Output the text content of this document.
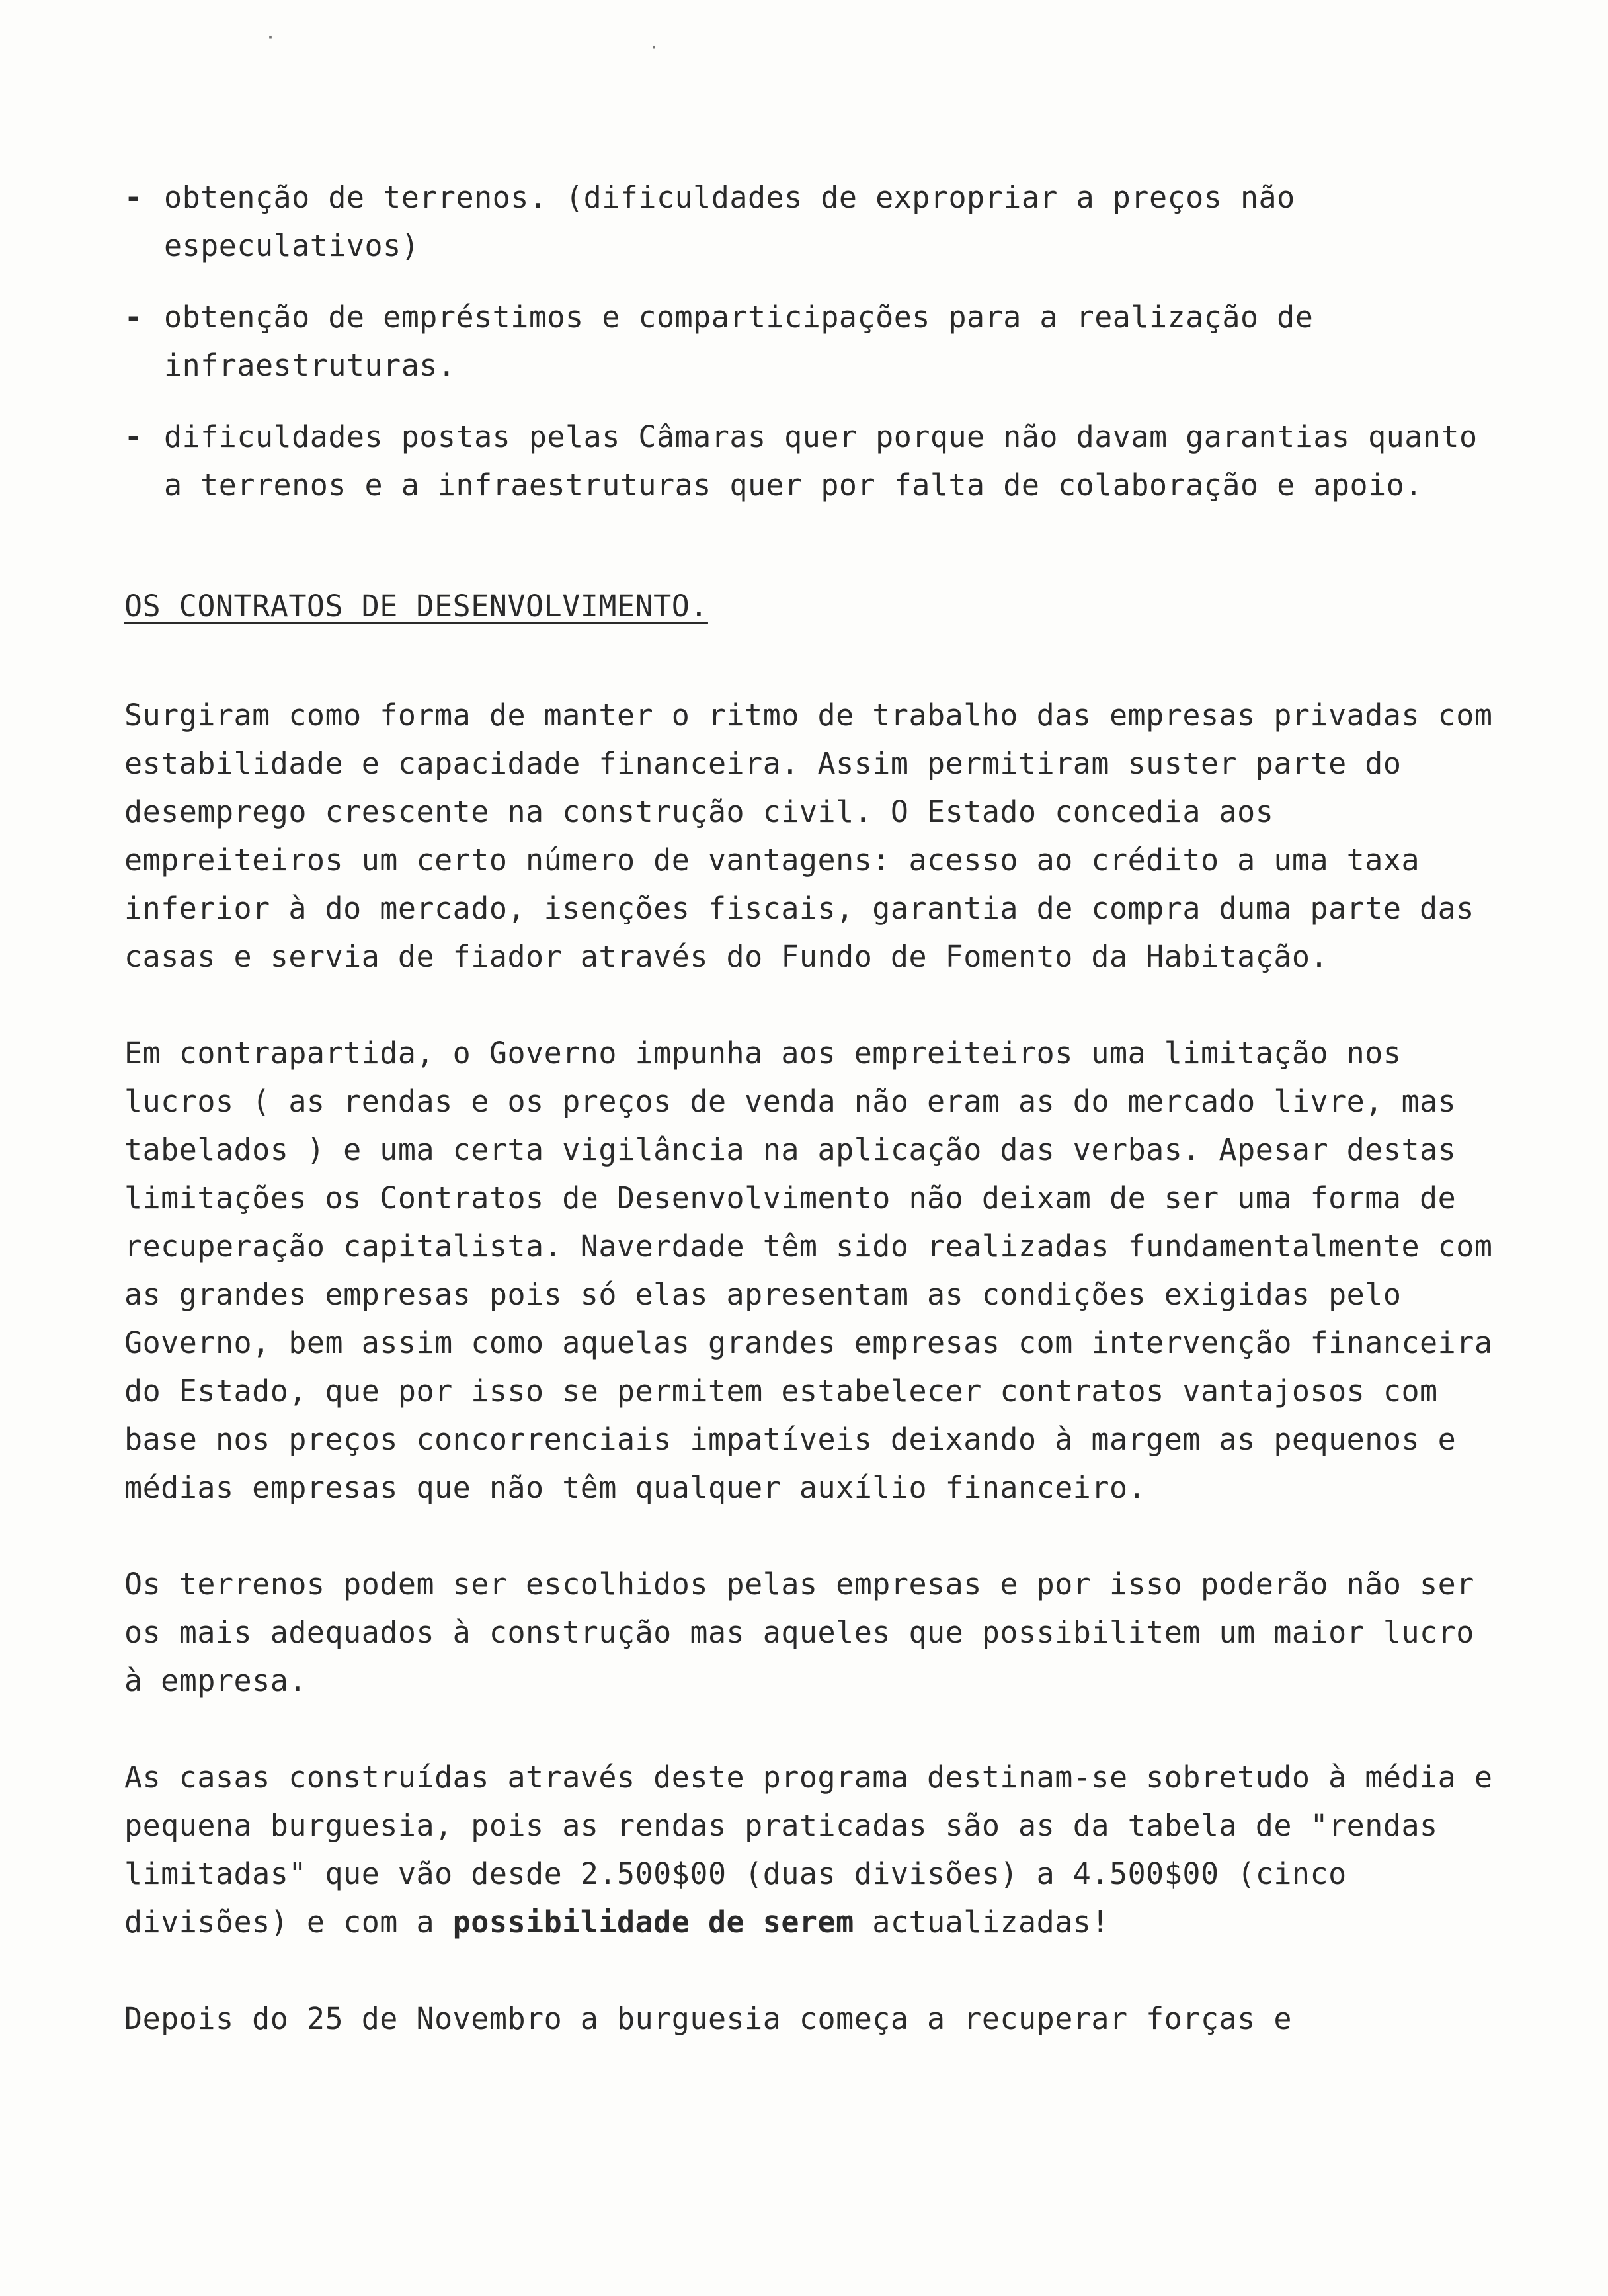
·	·
- obtenção de terrenos. (dificuldades de expropriar a preços não especulativos)
- obtenção de empréstimos e comparticipações para a realização de infraestruturas.
- dificuldades postas pelas Câmaras quer porque não davam garantias quanto a terrenos e a infraestruturas quer por falta de colaboração e apoio.
OS CONTRATOS DE DESENVOLVIMENTO.
Surgiram como forma de manter o ritmo de trabalho das empresas privadas com estabilidade e capacidade financeira. Assim permitiram suster parte do desemprego crescente na construção civil. O Estado concedia aos empreiteiros um certo número de vantagens: acesso ao crédito a uma taxa inferior à do mercado, isenções fiscais, garantia de compra duma parte das casas e servia de fiador através do Fundo de Fomento da Habitação.
Em contrapartida, o Governo impunha aos empreiteiros uma limitação nos lucros ( as rendas e os preços de venda não eram as do mercado livre, mas tabelados ) e uma certa vigilância na aplicação das verbas. Apesar destas limitações os Contratos de Desenvolvimento não deixam de ser uma forma de recuperação capitalista. Naverdade têm sido realizadas fundamentalmente com as grandes empresas pois só elas apresentam as condições exigidas pelo Governo, bem assim como aquelas grandes empresas com intervenção financeira do Estado, que por isso se permitem estabelecer contratos vantajosos com base nos preços concorrenciais impatíveis deixando à margem as pequenos e médias empresas que não têm qualquer auxílio financeiro.
Os terrenos podem ser escolhidos pelas empresas e por isso poderão não ser os mais adequados à construção mas aqueles que possibilitem um maior lucro à empresa.
As casas construídas através deste programa destinam-se sobretudo à média e pequena burguesia, pois as rendas praticadas são as da tabela de "rendas limitadas" que vão desde 2.500$00 (duas divisões) a 4.500$00 (cinco divisões) e com a possibilidade de serem actualizadas!
Depois do 25 de Novembro a burguesia começa a recuperar forças e
